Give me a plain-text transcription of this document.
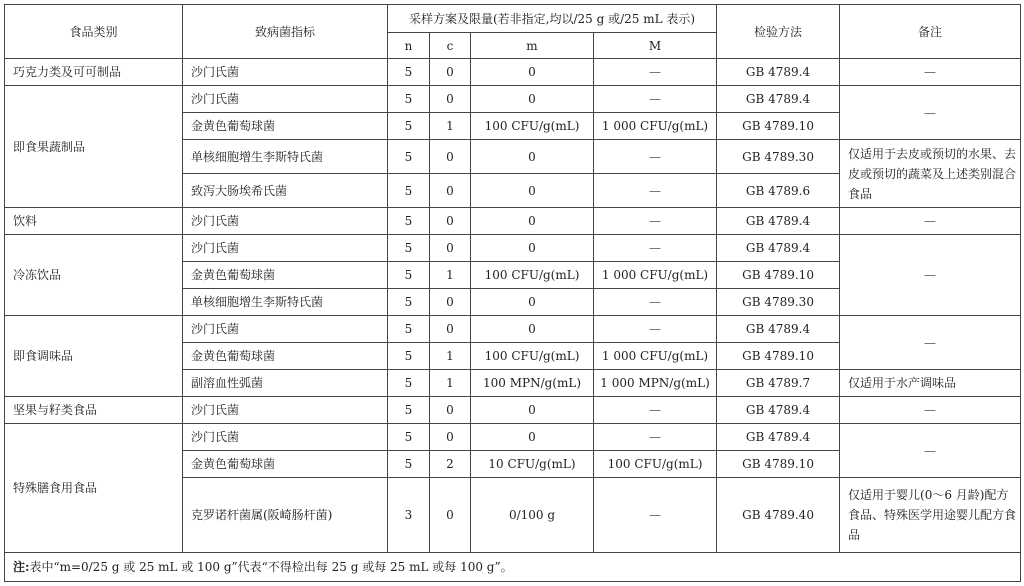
食品类别	致病菌指标	采样方案及限量(若非指定,均以/25 g 或/25 mL 表示)				检验方法	备注
		n	c	m	M		
巧克力类及可可制品	沙门氏菌	5	0	0	—	GB 4789.4	—
即食果蔬制品	沙门氏菌	5	0	0	—	GB 4789.4	—
	金黄色葡萄球菌	5	1	100 CFU/g(mL)	1 000 CFU/g(mL)	GB 4789.10	
	单核细胞增生李斯特氏菌	5	0	0	—	GB 4789.30	仅适用于去皮或预切的水果、去皮或预切的蔬菜及上述类别混合食品
	致泻大肠埃希氏菌	5	0	0	—	GB 4789.6	
饮料	沙门氏菌	5	0	0	—	GB 4789.4	—
冷冻饮品	沙门氏菌	5	0	0	—	GB 4789.4	—
	金黄色葡萄球菌	5	1	100 CFU/g(mL)	1 000 CFU/g(mL)	GB 4789.10	
	单核细胞增生李斯特氏菌	5	0	0	—	GB 4789.30	
即食调味品	沙门氏菌	5	0	0	—	GB 4789.4	—
	金黄色葡萄球菌	5	1	100 CFU/g(mL)	1 000 CFU/g(mL)	GB 4789.10	
	副溶血性弧菌	5	1	100 MPN/g(mL)	1 000 MPN/g(mL)	GB 4789.7	仅适用于水产调味品
坚果与籽类食品	沙门氏菌	5	0	0	—	GB 4789.4	—
特殊膳食用食品	沙门氏菌	5	0	0	—	GB 4789.4	—
	金黄色葡萄球菌	5	2	10 CFU/g(mL)	100 CFU/g(mL)	GB 4789.10	
	克罗诺杆菌属(阪崎肠杆菌)	3	0	0/100 g	—	GB 4789.40	仅适用于婴儿(0～6 月龄)配方食品、特殊医学用途婴儿配方食品
注:表中“m=0/25 g 或 25 mL 或 100 g”代表“不得检出每 25 g 或每 25 mL 或每 100 g”。							
